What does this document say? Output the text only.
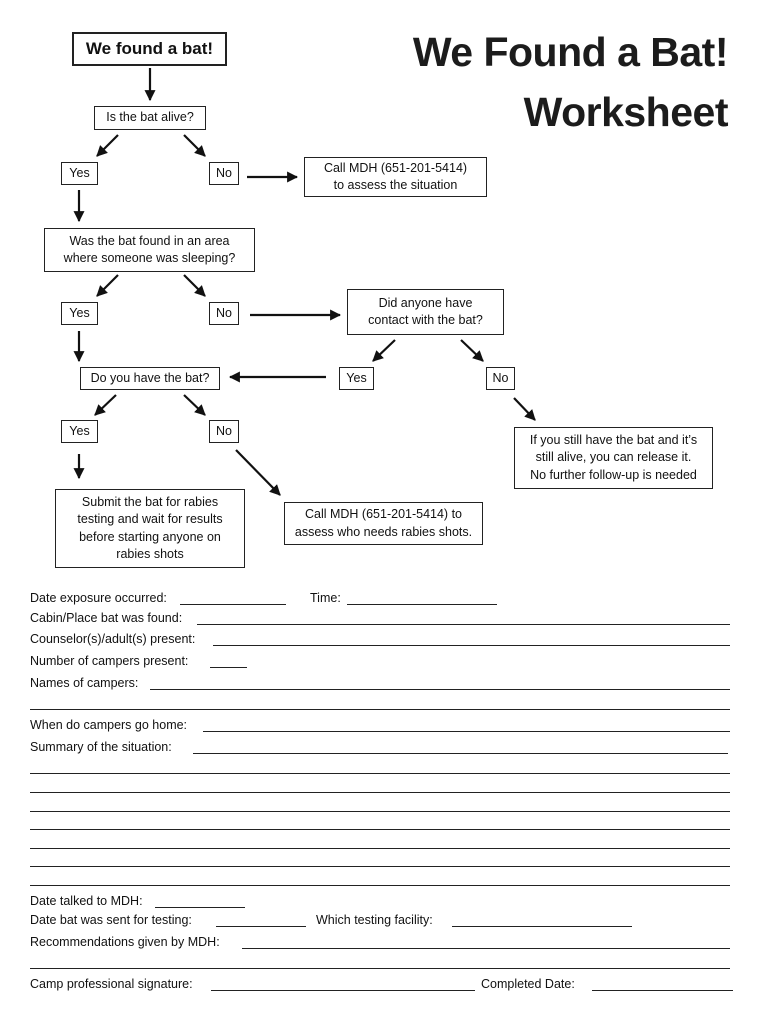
We Found a Bat!
Worksheet
We found a bat!
Is the bat alive?
Yes	No	Call MDH (651-201-5414)
to assess the situation
Was the bat found in an area
where someone was sleeping?
Yes	No
Did anyone have
contact with the bat?
Yes	No
Do you have the bat?
Yes	No
If you still have the bat and it’s
still alive, you can release it.
No further follow-up is needed
Submit the bat for rabies
testing and wait for results
before starting anyone on
rabies shots
Call MDH (651-201-5414) to
assess who needs rabies shots.
Date exposure occurred:	Time:
Cabin/Place bat was found:
Counselor(s)/adult(s) present:
Number of campers present:
Names of campers:
When do campers go home:
Summary of the situation:
Date talked to MDH:
Date bat was sent for testing:	Which testing facility:
Recommendations given by MDH:
Camp professional signature:	Completed Date:
